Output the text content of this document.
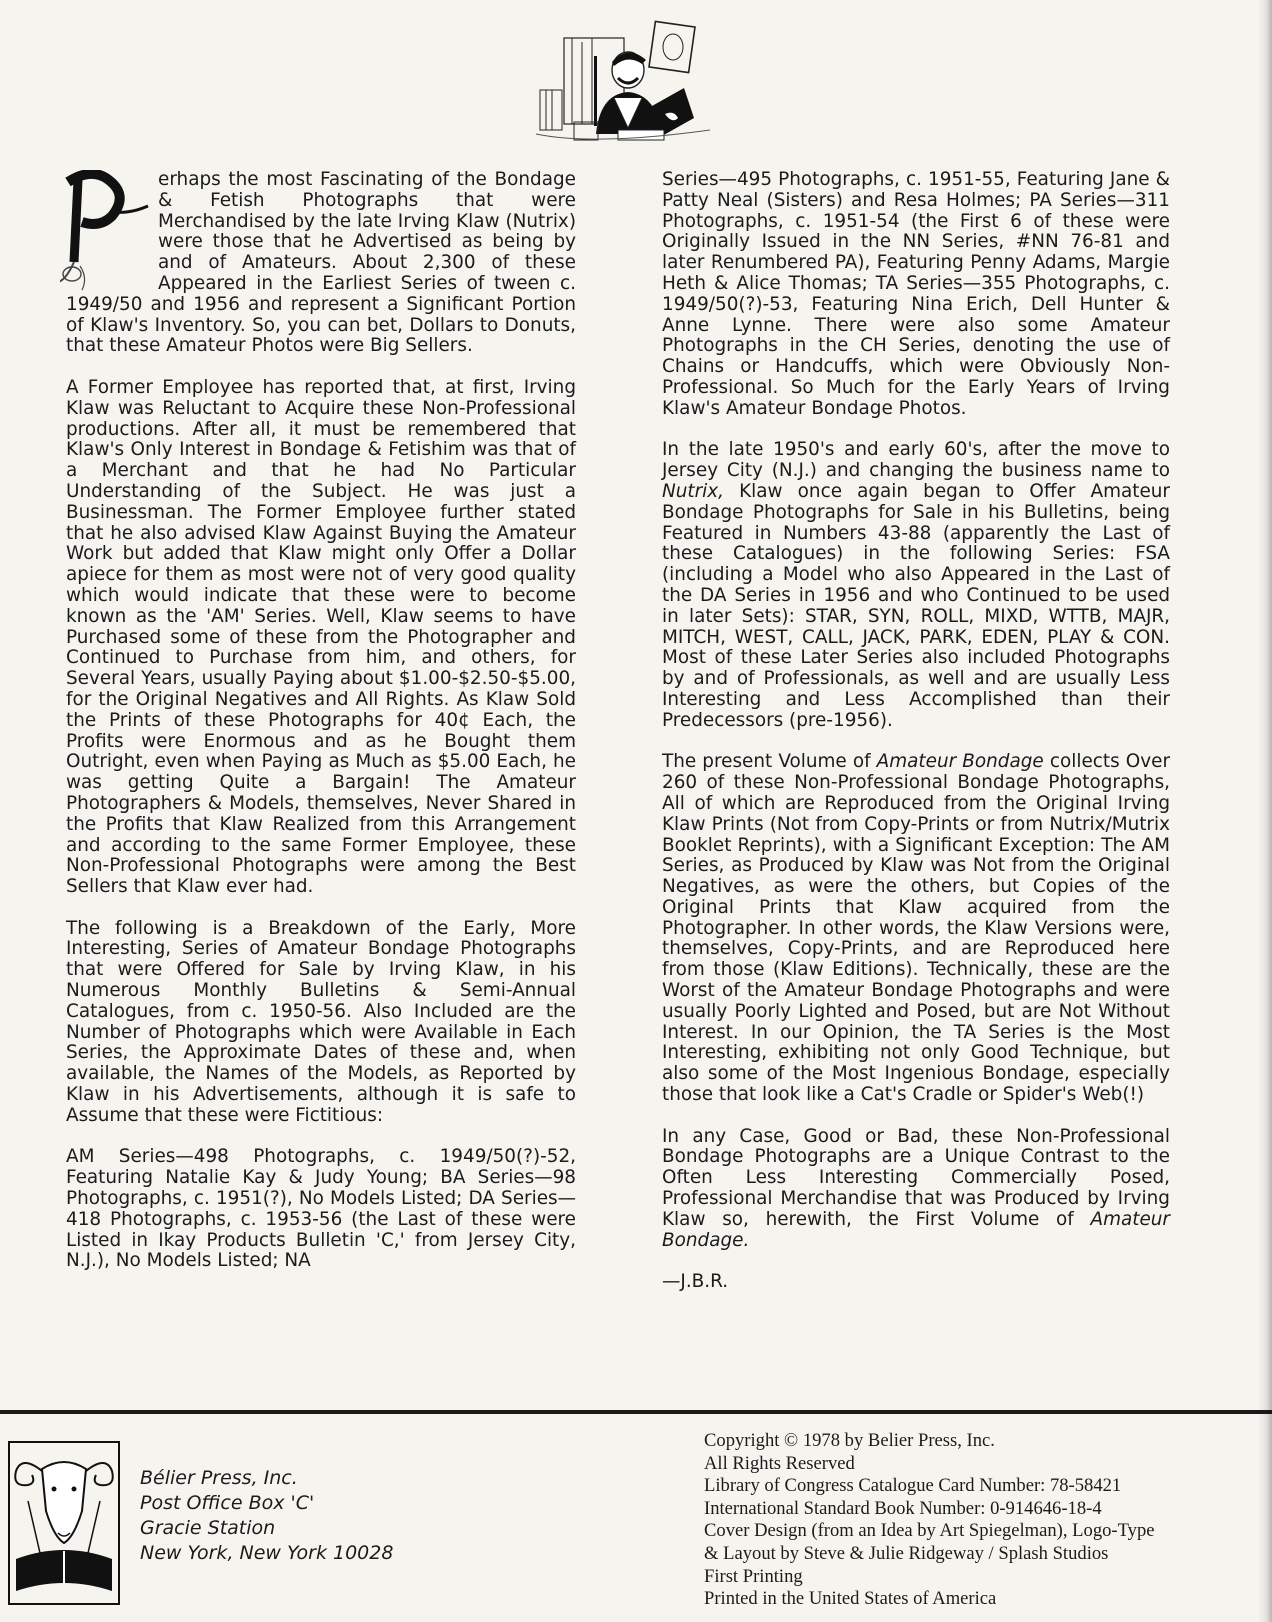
erhaps the most Fascinating of the Bondage & Fetish Photographs that were Merchandised by the late Irving Klaw (Nutrix) were those that he Advertised as being by and of Amateurs. About 2,300 of these Appeared in the Earliest Series of tween c. 1949/50 and 1956 and represent a Significant Portion of Klaw's Inventory. So, you can bet, Dollars to Donuts, that these Amateur Photos were Big Sellers.

A Former Employee has reported that, at first, Irving Klaw was Reluctant to Acquire these Non-Professional productions. After all, it must be remembered that Klaw's Only Interest in Bondage & Fetishim was that of a Merchant and that he had No Particular Understanding of the Subject. He was just a Businessman. The Former Employee further stated that he also advised Klaw Against Buying the Amateur Work but added that Klaw might only Offer a Dollar apiece for them as most were not of very good quality which would indicate that these were to become known as the 'AM' Series. Well, Klaw seems to have Purchased some of these from the Photographer and Continued to Purchase from him, and others, for Several Years, usually Paying about $1.00-$2.50-$5.00, for the Original Negatives and All Rights. As Klaw Sold the Prints of these Photographs for 40¢ Each, the Profits were Enormous and as he Bought them Outright, even when Paying as Much as $5.00 Each, he was getting Quite a Bargain! The Amateur Photographers & Models, themselves, Never Shared in the Profits that Klaw Realized from this Arrangement and according to the same Former Employee, these Non-Professional Photographs were among the Best Sellers that Klaw ever had.

The following is a Breakdown of the Early, More Interesting, Series of Amateur Bondage Photographs that were Offered for Sale by Irving Klaw, in his Numerous Monthly Bulletins & Semi-Annual Catalogues, from c. 1950-56. Also Included are the Number of Photographs which were Available in Each Series, the Approximate Dates of these and, when available, the Names of the Models, as Reported by Klaw in his Advertisements, although it is safe to Assume that these were Fictitious:

AM Series—498 Photographs, c. 1949/50(?)-52, Featuring Natalie Kay & Judy Young; BA Series—98 Photographs, c. 1951(?), No Models Listed; DA Series—418 Photographs, c. 1953-56 (the Last of these were Listed in Ikay Products Bulletin 'C,' from Jersey City, N.J.), No Models Listed; NA

Series—495 Photographs, c. 1951-55, Featuring Jane & Patty Neal (Sisters) and Resa Holmes; PA Series—311 Photographs, c. 1951-54 (the First 6 of these were Originally Issued in the NN Series, #NN 76-81 and later Renumbered PA), Featuring Penny Adams, Margie Heth & Alice Thomas; TA Series—355 Photographs, c. 1949/50(?)-53, Featuring Nina Erich, Dell Hunter & Anne Lynne. There were also some Amateur Photographs in the CH Series, denoting the use of Chains or Handcuffs, which were Obviously Non-Professional. So Much for the Early Years of Irving Klaw's Amateur Bondage Photos.

In the late 1950's and early 60's, after the move to Jersey City (N.J.) and changing the business name to Nutrix, Klaw once again began to Offer Amateur Bondage Photographs for Sale in his Bulletins, being Featured in Numbers 43-88 (apparently the Last of these Catalogues) in the following Series: FSA (including a Model who also Appeared in the Last of the DA Series in 1956 and who Continued to be used in later Sets): STAR, SYN, ROLL, MIXD, WTTB, MAJR, MITCH, WEST, CALL, JACK, PARK, EDEN, PLAY & CON. Most of these Later Series also included Photographs by and of Professionals, as well and are usually Less Interesting and Less Accomplished than their Predecessors (pre-1956).

The present Volume of Amateur Bondage collects Over 260 of these Non-Professional Bondage Photographs, All of which are Reproduced from the Original Irving Klaw Prints (Not from Copy-Prints or from Nutrix/Mutrix Booklet Reprints), with a Significant Exception: The AM Series, as Produced by Klaw was Not from the Original Negatives, as were the others, but Copies of the Original Prints that Klaw acquired from the Photographer. In other words, the Klaw Versions were, themselves, Copy-Prints, and are Reproduced here from those (Klaw Editions). Technically, these are the Worst of the Amateur Bondage Photographs and were usually Poorly Lighted and Posed, but are Not Without Interest. In our Opinion, the TA Series is the Most Interesting, exhibiting not only Good Technique, but also some of the Most Ingenious Bondage, especially those that look like a Cat's Cradle or Spider's Web(!)

In any Case, Good or Bad, these Non-Professional Bondage Photographs are a Unique Contrast to the Often Less Interesting Commercially Posed, Professional Merchandise that was Produced by Irving Klaw so, herewith, the First Volume of Amateur Bondage.

—J.B.R.

Bélier Press, Inc.
Post Office Box 'C'
Gracie Station
New York, New York 10028
Copyright © 1978 by Belier Press, Inc.
All Rights Reserved
Library of Congress Catalogue Card Number: 78-58421
International Standard Book Number: 0-914646-18-4
Cover Design (from an Idea by Art Spiegelman), Logo-Type
& Layout by Steve & Julie Ridgeway / Splash Studios
First Printing
Printed in the United States of America
